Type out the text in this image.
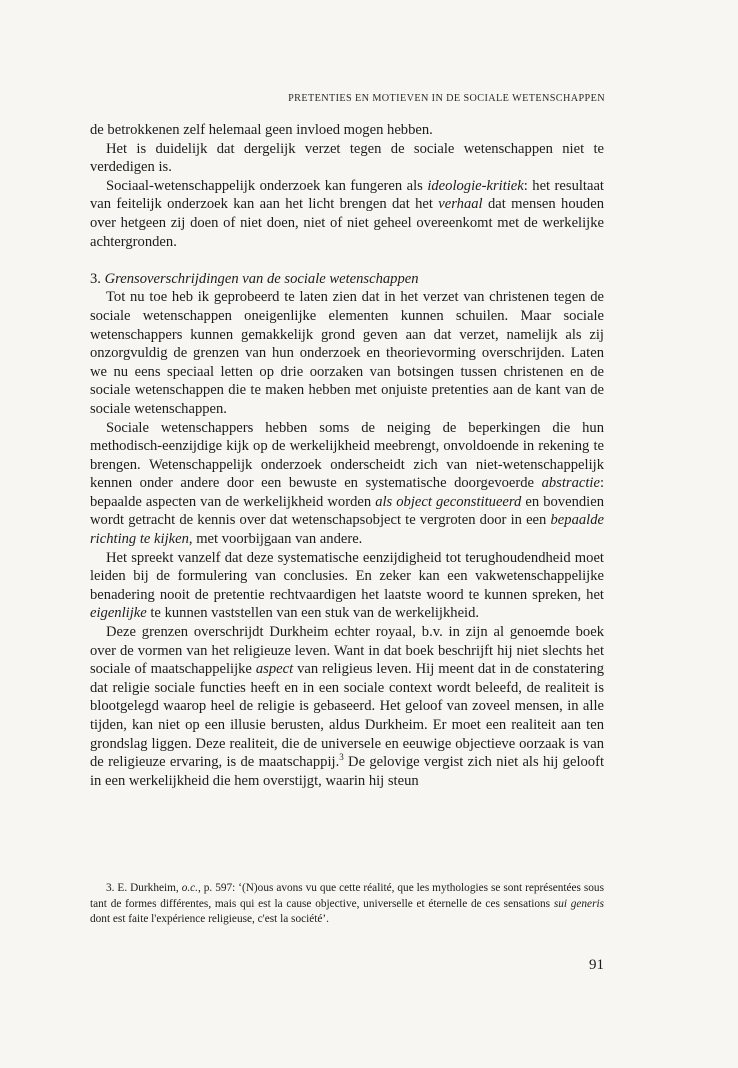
PRETENTIES EN MOTIEVEN IN DE SOCIALE WETENSCHAPPEN

de betrokkenen zelf helemaal geen invloed mogen hebben.

Het is duidelijk dat dergelijk verzet tegen de sociale wetenschappen niet te verdedigen is.

Sociaal-wetenschappelijk onderzoek kan fungeren als ideologie-kritiek: het resultaat van feitelijk onderzoek kan aan het licht brengen dat het verhaal dat mensen houden over hetgeen zij doen of niet doen, niet of niet geheel overeenkomt met de werkelijke achtergronden.

3. Grensoverschrijdingen van de sociale wetenschappen

Tot nu toe heb ik geprobeerd te laten zien dat in het verzet van christenen tegen de sociale wetenschappen oneigenlijke elementen kunnen schuilen. Maar sociale wetenschappers kunnen gemakkelijk grond geven aan dat verzet, namelijk als zij onzorgvuldig de grenzen van hun onderzoek en theorievorming overschrijden. Laten we nu eens speciaal letten op drie oorzaken van botsingen tussen christenen en de sociale wetenschappen die te maken hebben met onjuiste pretenties aan de kant van de sociale wetenschappen.

Sociale wetenschappers hebben soms de neiging de beperkingen die hun methodisch-eenzijdige kijk op de werkelijkheid meebrengt, onvoldoende in rekening te brengen. Wetenschappelijk onderzoek onderscheidt zich van niet-wetenschappelijk kennen onder andere door een bewuste en systematische doorgevoerde abstractie: bepaalde aspecten van de werkelijkheid worden als object geconstitueerd en bovendien wordt getracht de kennis over dat wetenschapsobject te vergroten door in een bepaalde richting te kijken, met voorbijgaan van andere.

Het spreekt vanzelf dat deze systematische eenzijdigheid tot terughoudendheid moet leiden bij de formulering van conclusies. En zeker kan een vakwetenschappelijke benadering nooit de pretentie rechtvaardigen het laatste woord te kunnen spreken, het eigenlijke te kunnen vaststellen van een stuk van de werkelijkheid.

Deze grenzen overschrijdt Durkheim echter royaal, b.v. in zijn al genoemde boek over de vormen van het religieuze leven. Want in dat boek beschrijft hij niet slechts het sociale of maatschappelijke aspect van religieus leven. Hij meent dat in de constatering dat religie sociale functies heeft en in een sociale context wordt beleefd, de realiteit is blootgelegd waarop heel de religie is gebaseerd. Het geloof van zoveel mensen, in alle tijden, kan niet op een illusie berusten, aldus Durkheim. Er moet een realiteit aan ten grondslag liggen. Deze realiteit, die de universele en eeuwige objectieve oorzaak is van de religieuze ervaring, is de maatschappij.$^3$ De gelovige vergist zich niet als hij gelooft in een werkelijkheid die hem overstijgt, waarin hij steun

3. E. Durkheim, o.c., p. 597: ‘(N)ous avons vu que cette réalité, que les mythologies se sont représentées sous tant de formes différentes, mais qui est la cause objective, universelle et éternelle de ces sensations sui generis dont est faite l'expérience religieuse, c'est la société’.

91
